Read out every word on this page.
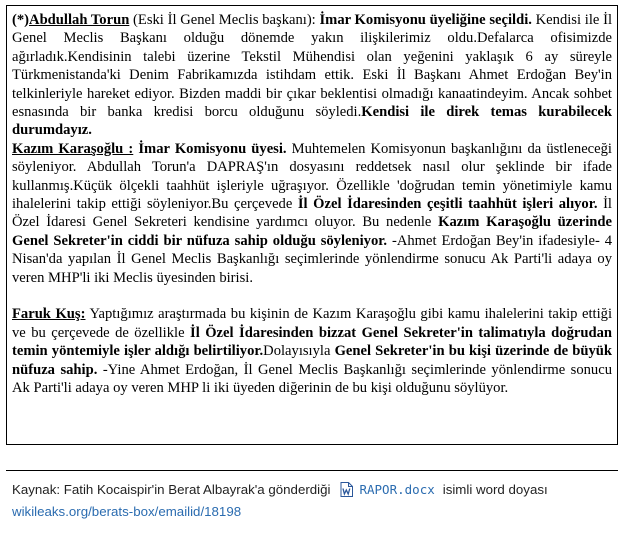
(*)Abdullah Torun (Eski İl Genel Meclis başkanı): İmar Komisyonu üyeliğine seçildi. Kendisi ile İl Genel Meclis Başkanı olduğu dönemde yakın ilişkilerimiz oldu.Defalarca ofisimizde ağırladık.Kendisinin talebi üzerine Tekstil Mühendisi olan yeğenini yaklaşık 6 ay süreyle Türkmenistanda'ki Denim Fabrikamızda istihdam ettik. Eski İl Başkanı Ahmet Erdoğan Bey'in telkinleriyle hareket ediyor. Bizden maddi bir çıkar beklentisi olmadığı kanaatindeyim. Ancak sohbet esnasında bir banka kredisi borcu olduğunu söyledi.Kendisi ile direk temas kurabilecek durumdayız.

Kazım Karaşoğlu : İmar Komisyonu üyesi. Muhtemelen Komisyonun başkanlığını da üstleneceği söyleniyor. Abdullah Torun'a DAPRAŞ'ın dosyasını reddetsek nasıl olur şeklinde bir ifade kullanmış.Küçük ölçekli taahhüt işleriyle uğraşıyor. Özellikle 'doğrudan temin yönetimiyle kamu ihalelerini takip ettiği söyleniyor.Bu çerçevede İl Özel İdaresinden çeşitli taahhüt işleri alıyor. İl Özel İdaresi Genel Sekreteri kendisine yardımcı oluyor. Bu nedenle Kazım Karaşoğlu üzerinde Genel Sekreter'in ciddi bir nüfuza sahip olduğu söyleniyor. -Ahmet Erdoğan Bey'in ifadesiyle- 4 Nisan'da yapılan İl Genel Meclis Başkanlığı seçimlerinde yönlendirme sonucu Ak Parti'li adaya oy veren MHP'li iki Meclis üyesinden birisi.

Faruk Kuş: Yaptığımız araştırmada bu kişinin de Kazım Karaşoğlu gibi kamu ihalelerini takip ettiği ve bu çerçevede de özellikle İl Özel İdaresinden bizzat Genel Sekreter'in talimatıyla doğrudan temin yöntemiyle işler aldığı belirtiliyor.Dolayısıyla Genel Sekreter'in bu kişi üzerinde de büyük nüfuza sahip. -Yine Ahmet Erdoğan, İl Genel Meclis Başkanlığı seçimlerinde yönlendirme sonucu Ak Parti'li adaya oy veren MHP li iki üyeden diğerinin de bu kişi olduğunu söylüyor.

Kaynak: Fatih Kocaispir'in Berat Albayrak'a gönderdiği RAPOR.docx isimli word doyası
wikileaks.org/berats-box/emailid/18198
